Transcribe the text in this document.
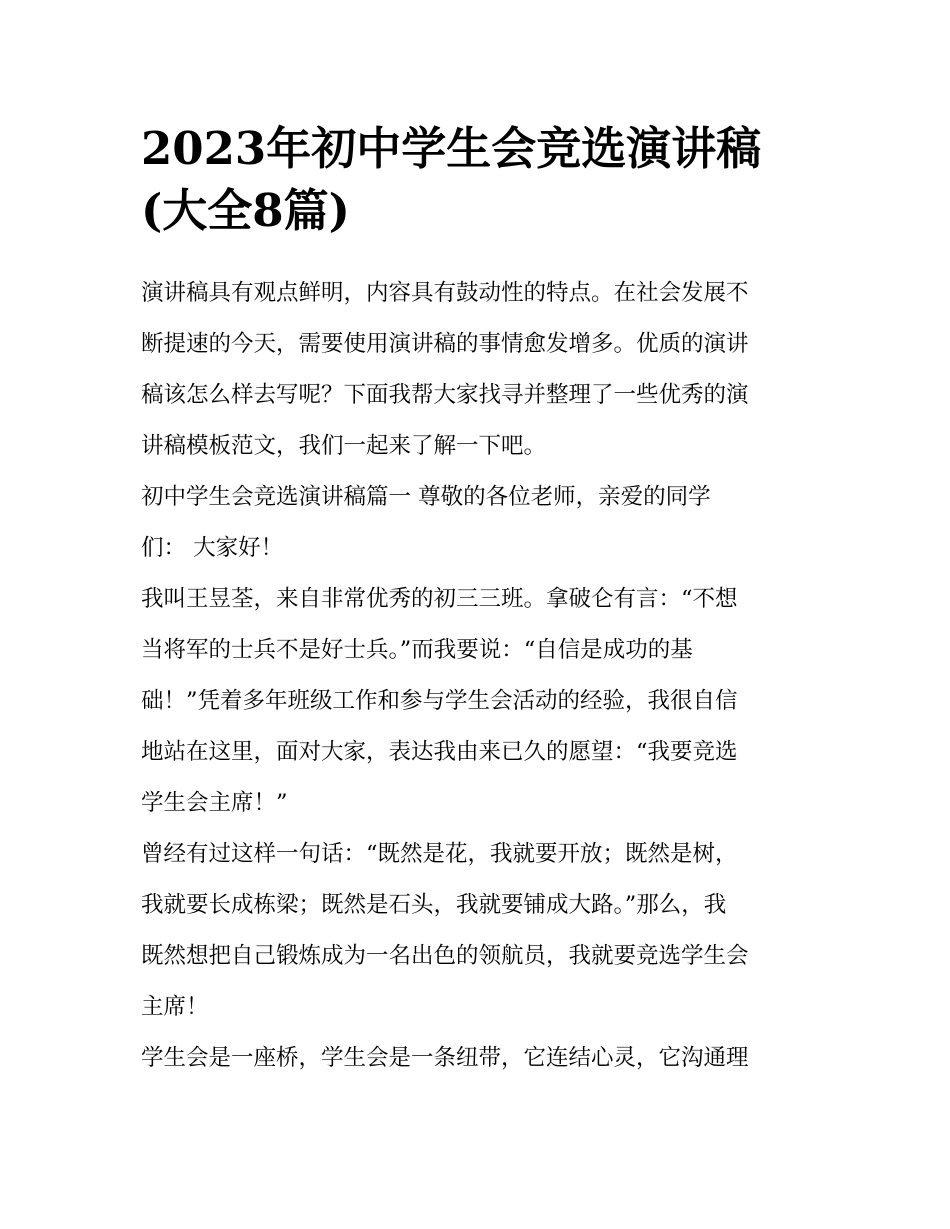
2023年初中学生会竞选演讲稿
(大全8篇)

演讲稿具有观点鲜明，内容具有鼓动性的特点。在社会发展不
断提速的今天，需要使用演讲稿的事情愈发增多。优质的演讲
稿该怎么样去写呢？下面我帮大家找寻并整理了一些优秀的演
讲稿模板范文，我们一起来了解一下吧。

初中学生会竞选演讲稿篇一 尊敬的各位老师，亲爱的同学
们： 大家好！

我叫王昱荃，来自非常优秀的初三三班。拿破仑有言：“不想
当将军的士兵不是好士兵。”而我要说：“自信是成功的基
础！”凭着多年班级工作和参与学生会活动的经验，我很自信
地站在这里，面对大家，表达我由来已久的愿望：“我要竞选
学生会主席！”

曾经有过这样一句话：“既然是花，我就要开放；既然是树，
我就要长成栋梁；既然是石头，我就要铺成大路。”那么，我
既然想把自己锻炼成为一名出色的领航员，我就要竞选学生会
主席！

学生会是一座桥，学生会是一条纽带，它连结心灵，它沟通理
